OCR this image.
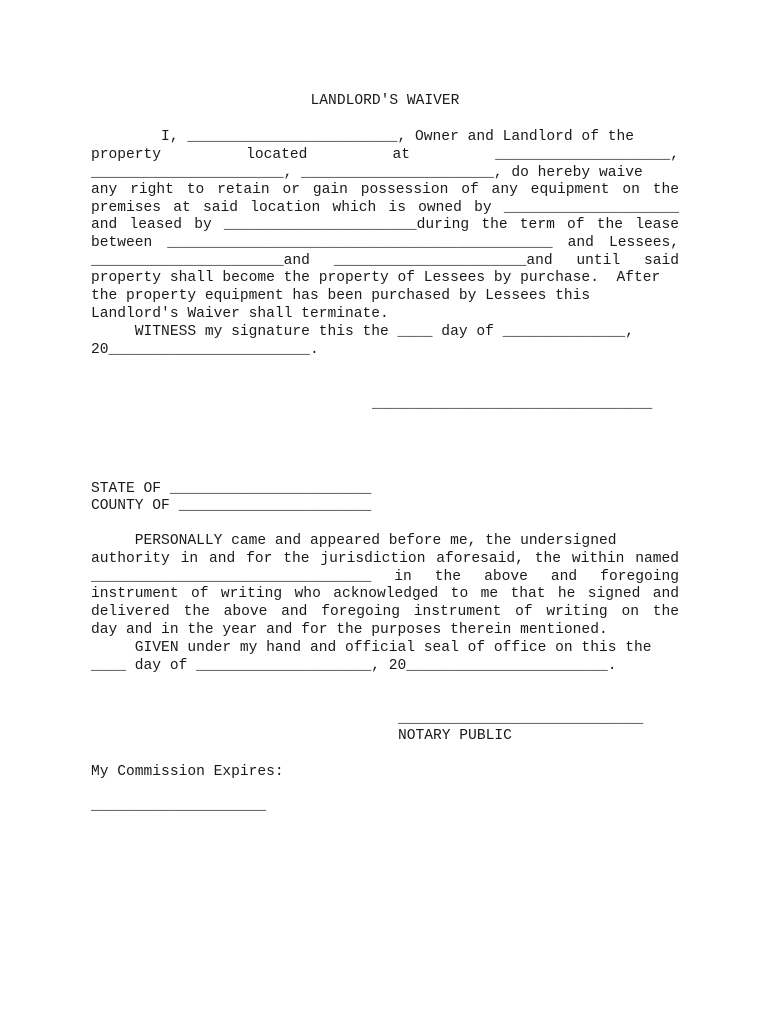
LANDLORD'S WAIVER
I, ________________________, Owner and Landlord of the
property located at ____________________,
______________________, ______________________, do hereby waive
any right to retain or gain possession of any equipment on the
premises at said location which is owned by ____________________
and leased by ______________________during the term of the lease
between ____________________________________________ and Lessees,
______________________and ______________________and until said
property shall become the property of Lessees by purchase.  After
the property equipment has been purchased by Lessees this
Landlord's Waiver shall terminate.
WITNESS my signature this the ____ day of ______________,
20_______________________.
________________________________
STATE OF _______________________
COUNTY OF ______________________
PERSONALLY came and appeared before me, the undersigned
authority in and for the jurisdiction aforesaid, the within named
________________________________ in the above and foregoing
instrument of writing who acknowledged to me that he signed and
delivered the above and foregoing instrument of writing on the
day and in the year and for the purposes therein mentioned.
GIVEN under my hand and official seal of office on this the
____ day of ____________________, 20_______________________.
____________________________
NOTARY PUBLIC
My Commission Expires:
____________________
